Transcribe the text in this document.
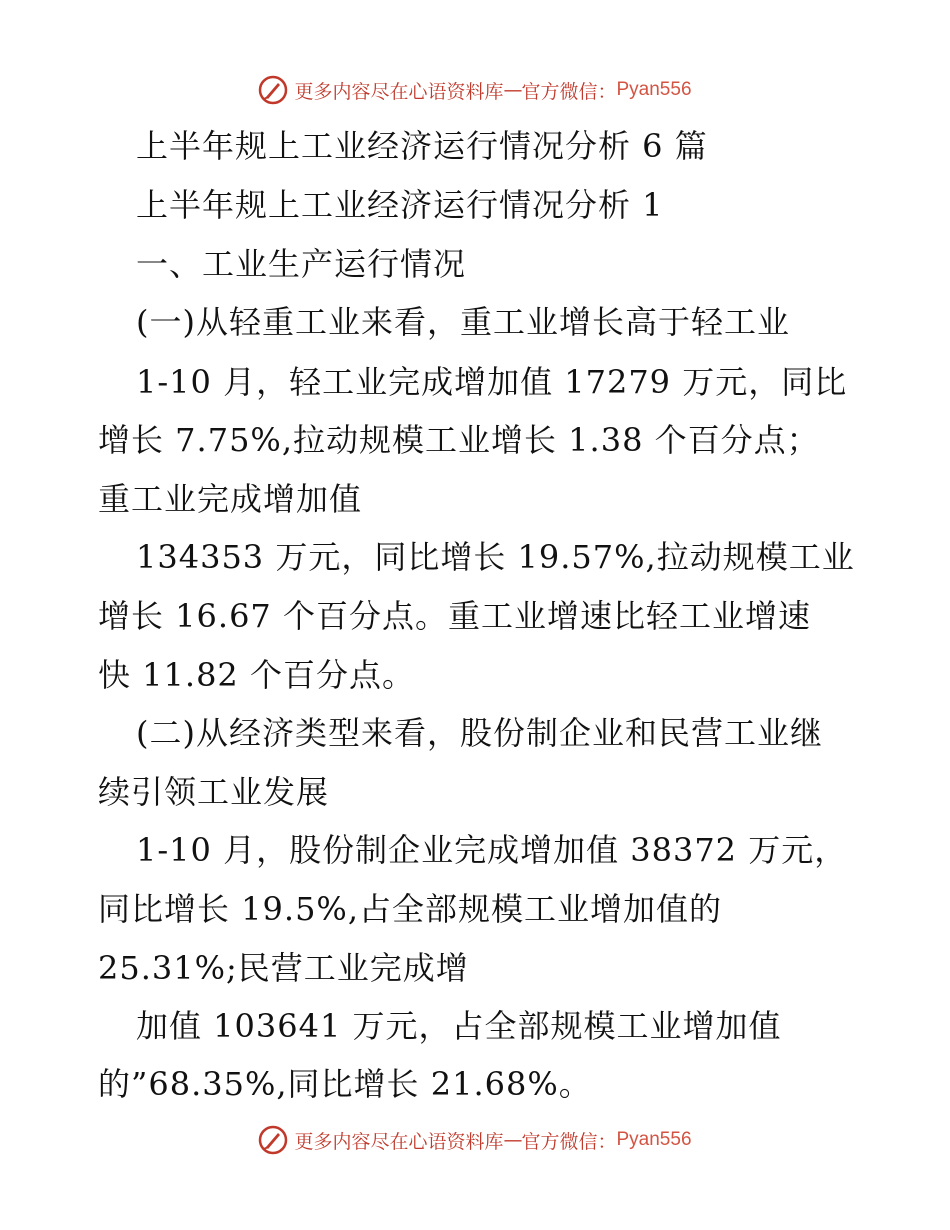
更多内容尽在心语资料库 — 官方微信： Pyan556
上半年规上工业经济运行情况分析 6 篇
上半年规上工业经济运行情况分析 1
一、工业生产运行情况
(一)从轻重工业来看，重工业增长高于轻工业
1-10 月，轻工业完成增加值 17279 万元，同比
增长 7.75%,拉动规模工业增长 1.38 个百分点；
重工业完成增加值
134353 万元，同比增长 19.57%,拉动规模工业
增长 16.67 个百分点。重工业增速比轻工业增速
快 11.82 个百分点。
(二)从经济类型来看，股份制企业和民营工业继
续引领工业发展
1-10 月，股份制企业完成增加值 38372 万元，
同比增长 19.5%,占全部规模工业增加值的
25.31%;民营工业完成增
加值 103641 万元，占全部规模工业增加值
的”68.35%,同比增长 21.68%。
更多内容尽在心语资料库 — 官方微信： Pyan556
